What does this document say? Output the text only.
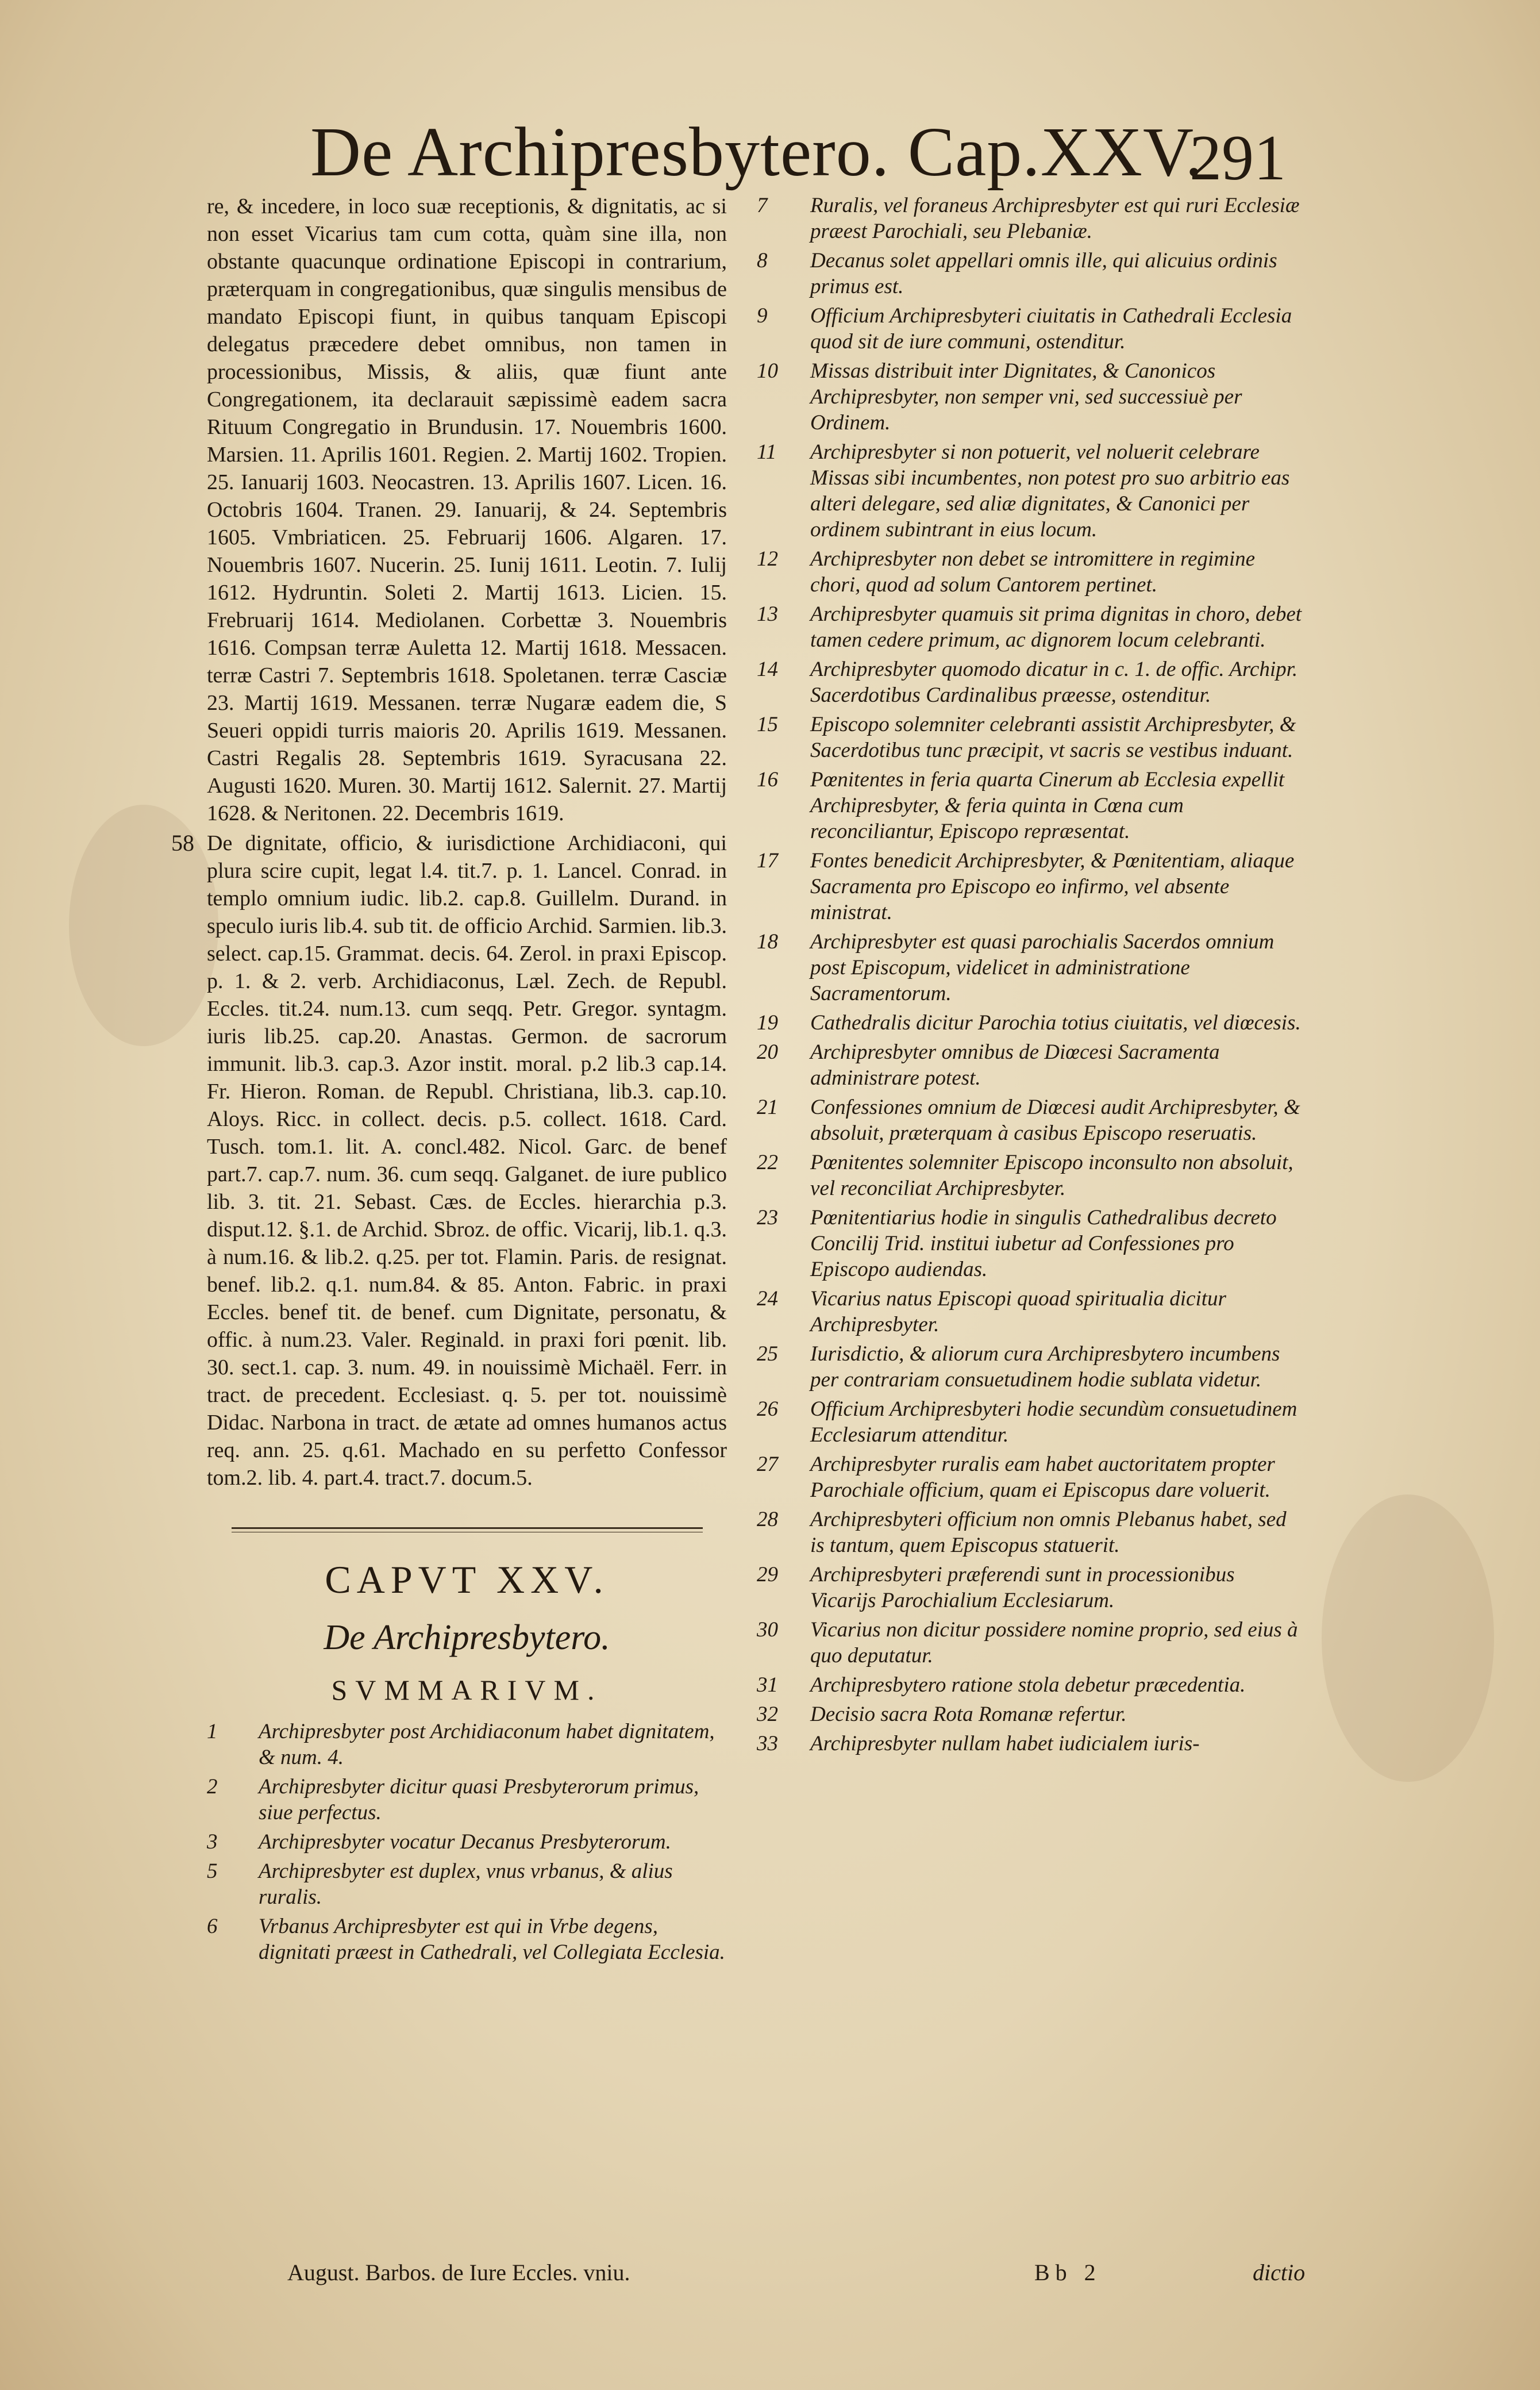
De Archipresbytero. Cap.XXV.
291

re, & incedere, in loco suæ receptionis, & dignitatis, ac si non esset Vicarius tam cum cotta, quàm sine illa, non obstante quacunque ordinatione Episcopi in contrarium, præterquam in congregationibus, quæ singulis mensibus de mandato Episcopi fiunt, in quibus tanquam Episcopi delegatus præcedere debet omnibus, non tamen in processionibus, Missis, & aliis, quæ fiunt ante Congregationem, ita declarauit sæpissimè eadem sacra Rituum Congregatio in Brundusin. 17. Nouembris 1600. Marsien. 11. Aprilis 1601. Regien. 2. Martij 1602. Tropien. 25. Ianuarij 1603. Neocastren. 13. Aprilis 1607. Licen. 16. Octobris 1604. Tranen. 29. Ianuarij, & 24. Septembris 1605. Vmbriaticen. 25. Februarij 1606. Algaren. 17. Nouembris 1607. Nucerin. 25. Iunij 1611. Leotin. 7. Iulij 1612. Hydruntin. Soleti 2. Martij 1613. Licien. 15. Frebruarij 1614. Mediolanen. Corbettæ 3. Nouembris 1616. Compsan terræ Auletta 12. Martij 1618. Messacen. terræ Castri 7. Septembris 1618. Spoletanen. terræ Casciæ 23. Martij 1619. Messanen. terræ Nugaræ eadem die, S Seueri oppidi turris maioris 20. Aprilis 1619. Messanen. Castri Regalis 28. Septembris 1619. Syracusana 22. Augusti 1620. Muren. 30. Martij 1612. Salernit. 27. Martij 1628. & Neritonen. 22. Decembris 1619.

58 De dignitate, officio, & iurisdictione Archidiaconi, qui plura scire cupit, legat l.4. tit.7. p. 1. Lancel. Conrad. in templo omnium iudic. lib.2. cap.8. Guillelm. Durand. in speculo iuris lib.4. sub tit. de officio Archid. Sarmien. lib.3. select. cap.15. Grammat. decis. 64. Zerol. in praxi Episcop. p. 1. & 2. verb. Archidiaconus, Læl. Zech. de Republ. Eccles. tit.24. num.13. cum seqq. Petr. Gregor. syntagm. iuris lib.25. cap.20. Anastas. Germon. de sacrorum immunit. lib.3. cap.3. Azor instit. moral. p.2 lib.3 cap.14. Fr. Hieron. Roman. de Republ. Christiana, lib.3. cap.10. Aloys. Ricc. in collect. decis. p.5. collect. 1618. Card. Tusch. tom.1. lit. A. concl.482. Nicol. Garc. de benef part.7. cap.7. num. 36. cum seqq. Galganet. de iure publico lib. 3. tit. 21. Sebast. Cæs. de Eccles. hierarchia p.3. disput.12. §.1. de Archid. Sbroz. de offic. Vicarij, lib.1. q.3. à num.16. & lib.2. q.25. per tot. Flamin. Paris. de resignat. benef. lib.2. q.1. num.84. & 85. Anton. Fabric. in praxi Eccles. benef tit. de benef. cum Dignitate, personatu, & offic. à num.23. Valer. Reginald. in praxi fori pœnit. lib. 30. sect.1. cap. 3. num. 49. in nouissimè Michaël. Ferr. in tract. de precedent. Ecclesiast. q. 5. per tot. nouissimè Didac. Narbona in tract. de ætate ad omnes humanos actus req. ann. 25. q.61. Machado en su perfetto Confessor tom.2. lib. 4. part.4. tract.7. docum.5.

CAPVT XXV.
De Archipresbytero.
SVMMARIVM.
1	Archipresbyter post Archidiaconum habet dignitatem, & num. 4.
2	Archipresbyter dicitur quasi Presbyterorum primus, siue perfectus.
3	Archipresbyter vocatur Decanus Presbyterorum.
5	Archipresbyter est duplex, vnus vrbanus, & alius ruralis.
6	Vrbanus Archipresbyter est qui in Vrbe degens, dignitati præest in Cathedrali, vel Collegiata Ecclesia.
7	Ruralis, vel foraneus Archipresbyter est qui ruri Ecclesiæ præest Parochiali, seu Plebaniæ.
8	Decanus solet appellari omnis ille, qui alicuius ordinis primus est.
9	Officium Archipresbyteri ciuitatis in Cathedrali Ecclesia quod sit de iure communi, ostenditur.
10	Missas distribuit inter Dignitates, & Canonicos Archipresbyter, non semper vni, sed successiuè per Ordinem.
11	Archipresbyter si non potuerit, vel noluerit celebrare Missas sibi incumbentes, non potest pro suo arbitrio eas alteri delegare, sed aliæ dignitates, & Canonici per ordinem subintrant in eius locum.
12	Archipresbyter non debet se intromittere in regimine chori, quod ad solum Cantorem pertinet.
13	Archipresbyter quamuis sit prima dignitas in choro, debet tamen cedere primum, ac dignorem locum celebranti.
14	Archipresbyter quomodo dicatur in c. 1. de offic. Archipr. Sacerdotibus Cardinalibus præesse, ostenditur.
15	Episcopo solemniter celebranti assistit Archipresbyter, & Sacerdotibus tunc præcipit, vt sacris se vestibus induant.
16	Pœnitentes in feria quarta Cinerum ab Ecclesia expellit Archipresbyter, & feria quinta in Cœna cum reconciliantur, Episcopo repræsentat.
17	Fontes benedicit Archipresbyter, & Pœnitentiam, aliaque Sacramenta pro Episcopo eo infirmo, vel absente ministrat.
18	Archipresbyter est quasi parochialis Sacerdos omnium post Episcopum, videlicet in administratione Sacramentorum.
19	Cathedralis dicitur Parochia totius ciuitatis, vel diœcesis.
20	Archipresbyter omnibus de Diœcesi Sacramenta administrare potest.
21	Confessiones omnium de Diœcesi audit Archipresbyter, & absoluit, præterquam à casibus Episcopo reseruatis.
22	Pœnitentes solemniter Episcopo inconsulto non absoluit, vel reconciliat Archipresbyter.
23	Pœnitentiarius hodie in singulis Cathedralibus decreto Concilij Trid. institui iubetur ad Confessiones pro Episcopo audiendas.
24	Vicarius natus Episcopi quoad spiritualia dicitur Archipresbyter.
25	Iurisdictio, & aliorum cura Archipresbytero incumbens per contrariam consuetudinem hodie sublata videtur.
26	Officium Archipresbyteri hodie secundùm consuetudinem Ecclesiarum attenditur.
27	Archipresbyter ruralis eam habet auctoritatem propter Parochiale officium, quam ei Episcopus dare voluerit.
28	Archipresbyteri officium non omnis Plebanus habet, sed is tantum, quem Episcopus statuerit.
29	Archipresbyteri præferendi sunt in processionibus Vicarijs Parochialium Ecclesiarum.
30	Vicarius non dicitur possidere nomine proprio, sed eius à quo deputatur.
31	Archipresbytero ratione stola debetur præcedentia.
32	Decisio sacra Rota Romanæ refertur.
33	Archipresbyter nullam habet iudicialem iuris-
August. Barbos. de Iure Eccles. vniu.	Bb 2	dictio
